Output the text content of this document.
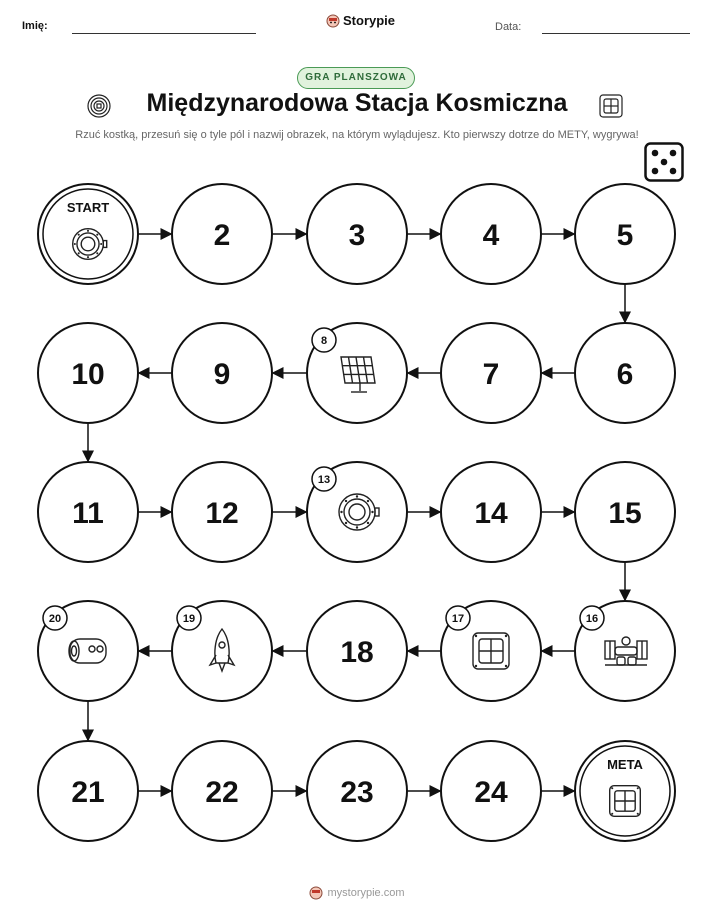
Imię:	Storypie	Data:
GRA PLANSZOWA
Międzynarodowa Stacja Kosmiczna
Rzuć kostką, przesuń się o tyle pól i nazwij obrazek, na którym wylądujesz. Kto pierwszy dotrze do METY, wygrywa!
START
2	3	4	5
6
7
8
9
10
11	12
13
14	15
16
17
18
19
20
21	22	23	24
META
mystorypie.com
